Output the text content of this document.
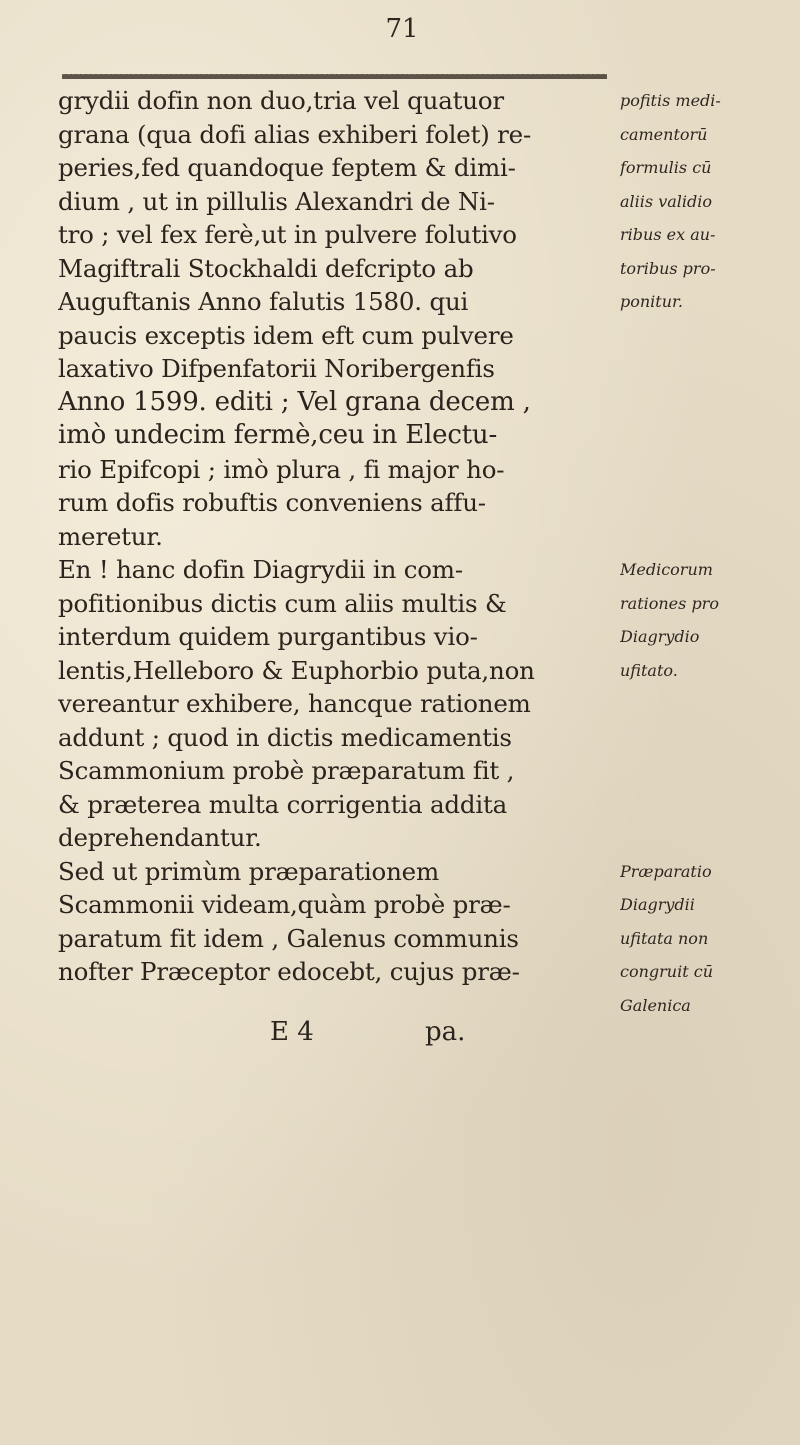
71
grydii dofin non duo,tria vel quatuor
grana (qua dofi alias exhiberi folet) re-
peries,fed quandoque feptem & dimi-
dium , ut in pillulis Alexandri de Ni-
tro ; vel fex ferè,ut in pulvere folutivo
Magiftrali Stockhaldi defcripto ab
Auguftanis Anno falutis 1580. qui
paucis exceptis idem eft cum pulvere
laxativo Difpenfatorii Noribergenfis
Anno 1599. editi ; Vel grana decem ,
imò undecim fermè,ceu in Electu-
rio Epifcopi ; imò plura , fi major ho-
rum dofis robuftis conveniens affu-
meretur.
En ! hanc dofin Diagrydii in com-
pofitionibus dictis cum aliis multis &
interdum quidem purgantibus vio-
lentis,Helleboro & Euphorbio puta,non
vereantur exhibere, hancque rationem
addunt ; quod in dictis medicamentis
Scammonium probè præparatum fit ,
& præterea multa corrigentia addita
deprehendantur.
Sed ut primùm præparationem
Scammonii videam,quàm probè præ-
paratum fit idem , Galenus communis
nofter Præceptor edocebt, cujus præ-
pofitis medi-
camentorū
formulis cū
aliis validio
ribus ex au-
toribus pro-
ponitur.
Medicorum
rationes pro
Diagrydio
ufitato.
Præparatio
Diagrydii
ufitata non
congruit cū
Galenica
E 4	pa.
